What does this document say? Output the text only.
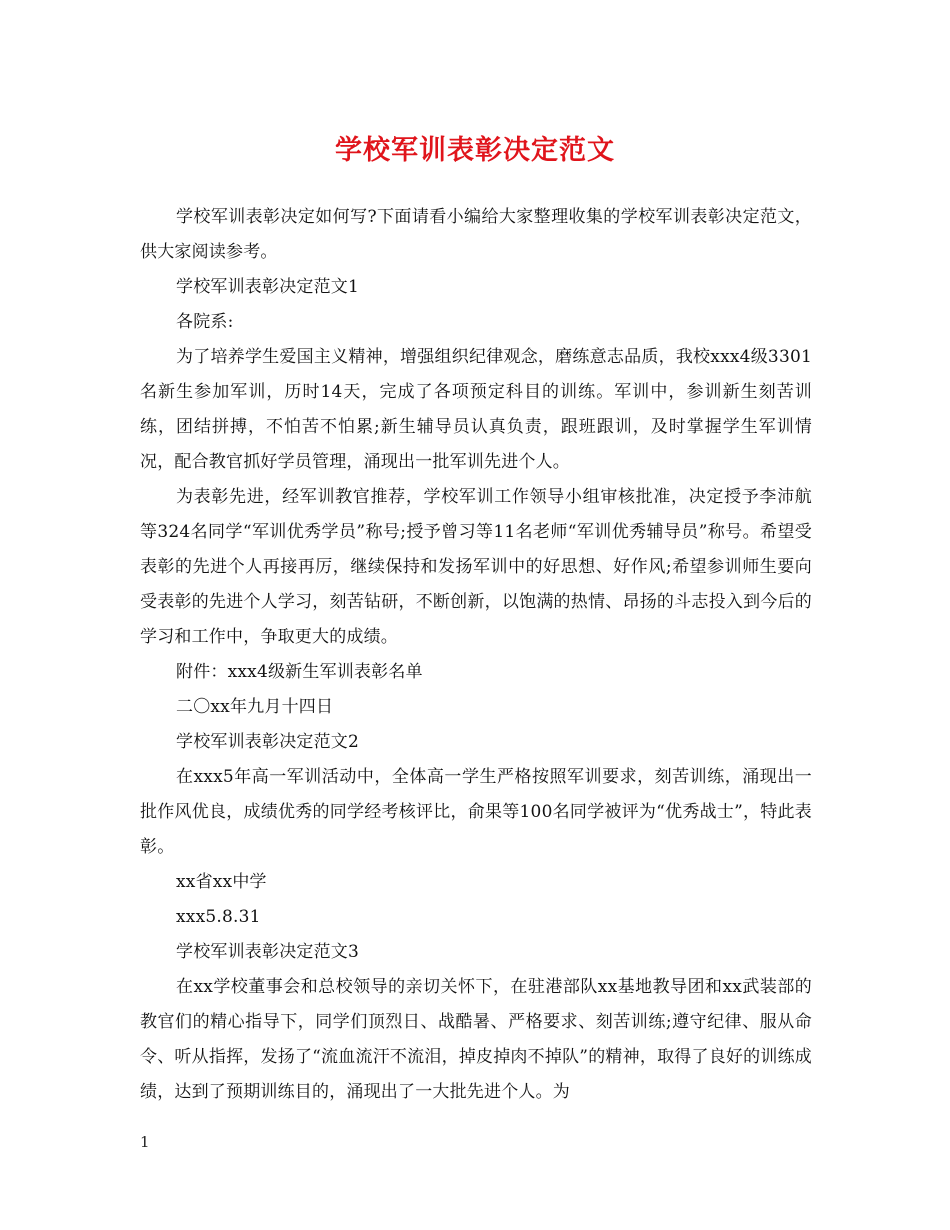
学校军训表彰决定范文

学校军训表彰决定如何写?下面请看小编给大家整理收集的学校军训表彰决定范文，供大家阅读参考。

学校军训表彰决定范文1

各院系:

为了培养学生爱国主义精神，增强组织纪律观念，磨练意志品质，我校xxx4级3301名新生参加军训，历时14天，完成了各项预定科目的训练。军训中，参训新生刻苦训练，团结拼搏，不怕苦不怕累;新生辅导员认真负责，跟班跟训，及时掌握学生军训情况，配合教官抓好学员管理，涌现出一批军训先进个人。

为表彰先进，经军训教官推荐，学校军训工作领导小组审核批准，决定授予李沛航等324名同学“军训优秀学员”称号;授予曾习等11名老师“军训优秀辅导员”称号。希望受表彰的先进个人再接再厉，继续保持和发扬军训中的好思想、好作风;希望参训师生要向受表彰的先进个人学习，刻苦钻研，不断创新，以饱满的热情、昂扬的斗志投入到今后的学习和工作中，争取更大的成绩。

附件：xxx4级新生军训表彰名单

二〇xx年九月十四日

学校军训表彰决定范文2

在xxx5年高一军训活动中，全体高一学生严格按照军训要求，刻苦训练，涌现出一批作风优良，成绩优秀的同学经考核评比，俞果等100名同学被评为“优秀战士”，特此表彰。

xx省xx中学

xxx5.8.31

学校军训表彰决定范文3

在xx学校董事会和总校领导的亲切关怀下，在驻港部队xx基地教导团和xx武装部的教官们的精心指导下，同学们顶烈日、战酷暑、严格要求、刻苦训练;遵守纪律、服从命令、听从指挥，发扬了“流血流汗不流泪，掉皮掉肉不掉队”的精神，取得了良好的训练成绩，达到了预期训练目的，涌现出了一大批先进个人。为

1
